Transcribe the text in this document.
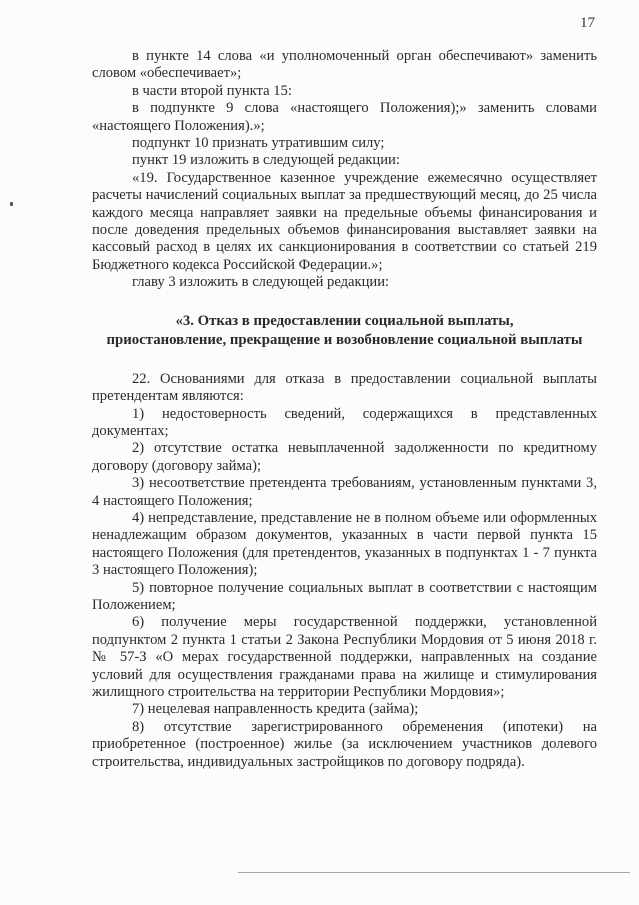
17

в пункте 14 слова «и уполномоченный орган обеспечивают» заменить словом «обеспечивает»;

в части второй пункта 15:

в подпункте 9 слова «настоящего Положения);» заменить словами «настоящего Положения).»;

подпункт 10 признать утратившим силу;

пункт 19 изложить в следующей редакции:

«19. Государственное казенное учреждение ежемесячно осуществляет расчеты начислений социальных выплат за предшествующий месяц, до 25 числа каждого месяца направляет заявки на предельные объемы финансирования и после доведения предельных объемов финансирования выставляет заявки на кассовый расход в целях их санкционирования в соответствии со статьей 219 Бюджетного кодекса Российской Федерации.»;

главу 3 изложить в следующей редакции:

«3. Отказ в предоставлении социальной выплаты,
приостановление, прекращение и возобновление социальной выплаты

22. Основаниями для отказа в предоставлении социальной выплаты претендентам являются:

1) недостоверность сведений, содержащихся в представленных документах;

2) отсутствие остатка невыплаченной задолженности по кредитному договору (договору займа);

3) несоответствие претендента требованиям, установленным пунктами 3, 4 настоящего Положения;

4) непредставление, представление не в полном объеме или оформленных ненадлежащим образом документов, указанных в части первой пункта 15 настоящего Положения (для претендентов, указанных в подпунктах 1 - 7 пункта 3 настоящего Положения);

5) повторное получение социальных выплат в соответствии с настоящим Положением;

6) получение меры государственной поддержки, установленной подпунктом 2 пункта 1 статьи 2 Закона Республики Мордовия от 5 июня 2018 г. № 57-З «О мерах государственной поддержки, направленных на создание условий для осуществления гражданами права на жилище и стимулирования жилищного строительства на территории Республики Мордовия»;

7) нецелевая направленность кредита (займа);

8) отсутствие зарегистрированного обременения (ипотеки) на приобретенное (построенное) жилье (за исключением участников долевого строительства, индивидуальных застройщиков по договору подряда).
